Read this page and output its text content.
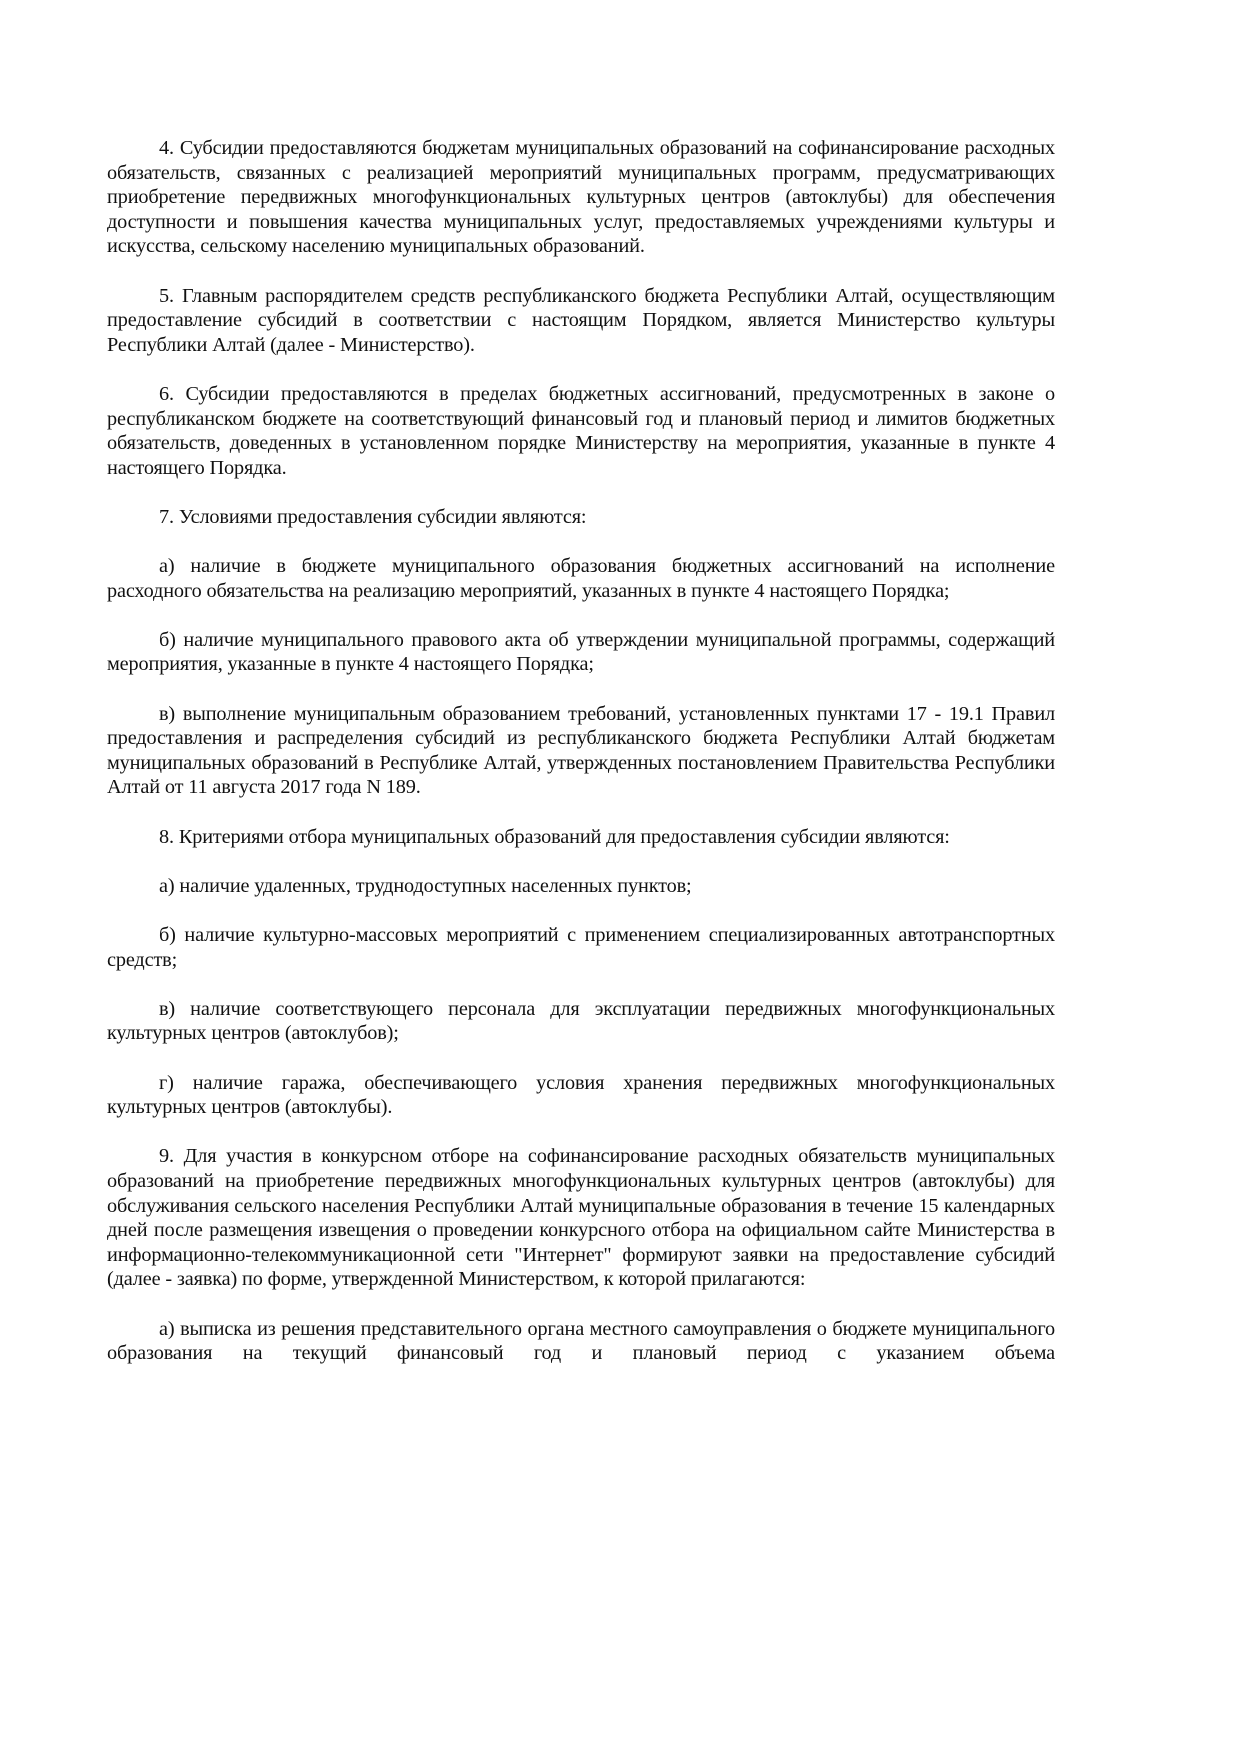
4. Субсидии предоставляются бюджетам муниципальных образований на софинансирование расходных обязательств, связанных с реализацией мероприятий муниципальных программ, предусматривающих приобретение передвижных многофункциональных культурных центров (автоклубы) для обеспечения доступности и повышения качества муниципальных услуг, предоставляемых учреждениями культуры и искусства, сельскому населению муниципальных образований.

5. Главным распорядителем средств республиканского бюджета Республики Алтай, осуществляющим предоставление субсидий в соответствии с настоящим Порядком, является Министерство культуры Республики Алтай (далее - Министерство).

6. Субсидии предоставляются в пределах бюджетных ассигнований, предусмотренных в законе о республиканском бюджете на соответствующий финансовый год и плановый период и лимитов бюджетных обязательств, доведенных в установленном порядке Министерству на мероприятия, указанные в пункте 4 настоящего Порядка.

7. Условиями предоставления субсидии являются:

а) наличие в бюджете муниципального образования бюджетных ассигнований на исполнение расходного обязательства на реализацию мероприятий, указанных в пункте 4 настоящего Порядка;

б) наличие муниципального правового акта об утверждении муниципальной программы, содержащий мероприятия, указанные в пункте 4 настоящего Порядка;

в) выполнение муниципальным образованием требований, установленных пунктами 17 - 19.1 Правил предоставления и распределения субсидий из республиканского бюджета Республики Алтай бюджетам муниципальных образований в Республике Алтай, утвержденных постановлением Правительства Республики Алтай от 11 августа 2017 года N 189.

8. Критериями отбора муниципальных образований для предоставления субсидии являются:

а) наличие удаленных, труднодоступных населенных пунктов;

б) наличие культурно-массовых мероприятий с применением специализированных автотранспортных средств;

в) наличие соответствующего персонала для эксплуатации передвижных многофункциональных культурных центров (автоклубов);

г) наличие гаража, обеспечивающего условия хранения передвижных многофункциональных культурных центров (автоклубы).

9. Для участия в конкурсном отборе на софинансирование расходных обязательств муниципальных образований на приобретение передвижных многофункциональных культурных центров (автоклубы) для обслуживания сельского населения Республики Алтай муниципальные образования в течение 15 календарных дней после размещения извещения о проведении конкурсного отбора на официальном сайте Министерства в информационно-телекоммуникационной сети "Интернет" формируют заявки на предоставление субсидий (далее - заявка) по форме, утвержденной Министерством, к которой прилагаются:

а) выписка из решения представительного органа местного самоуправления о бюджете муниципального образования на текущий финансовый год и плановый период с указанием объема
